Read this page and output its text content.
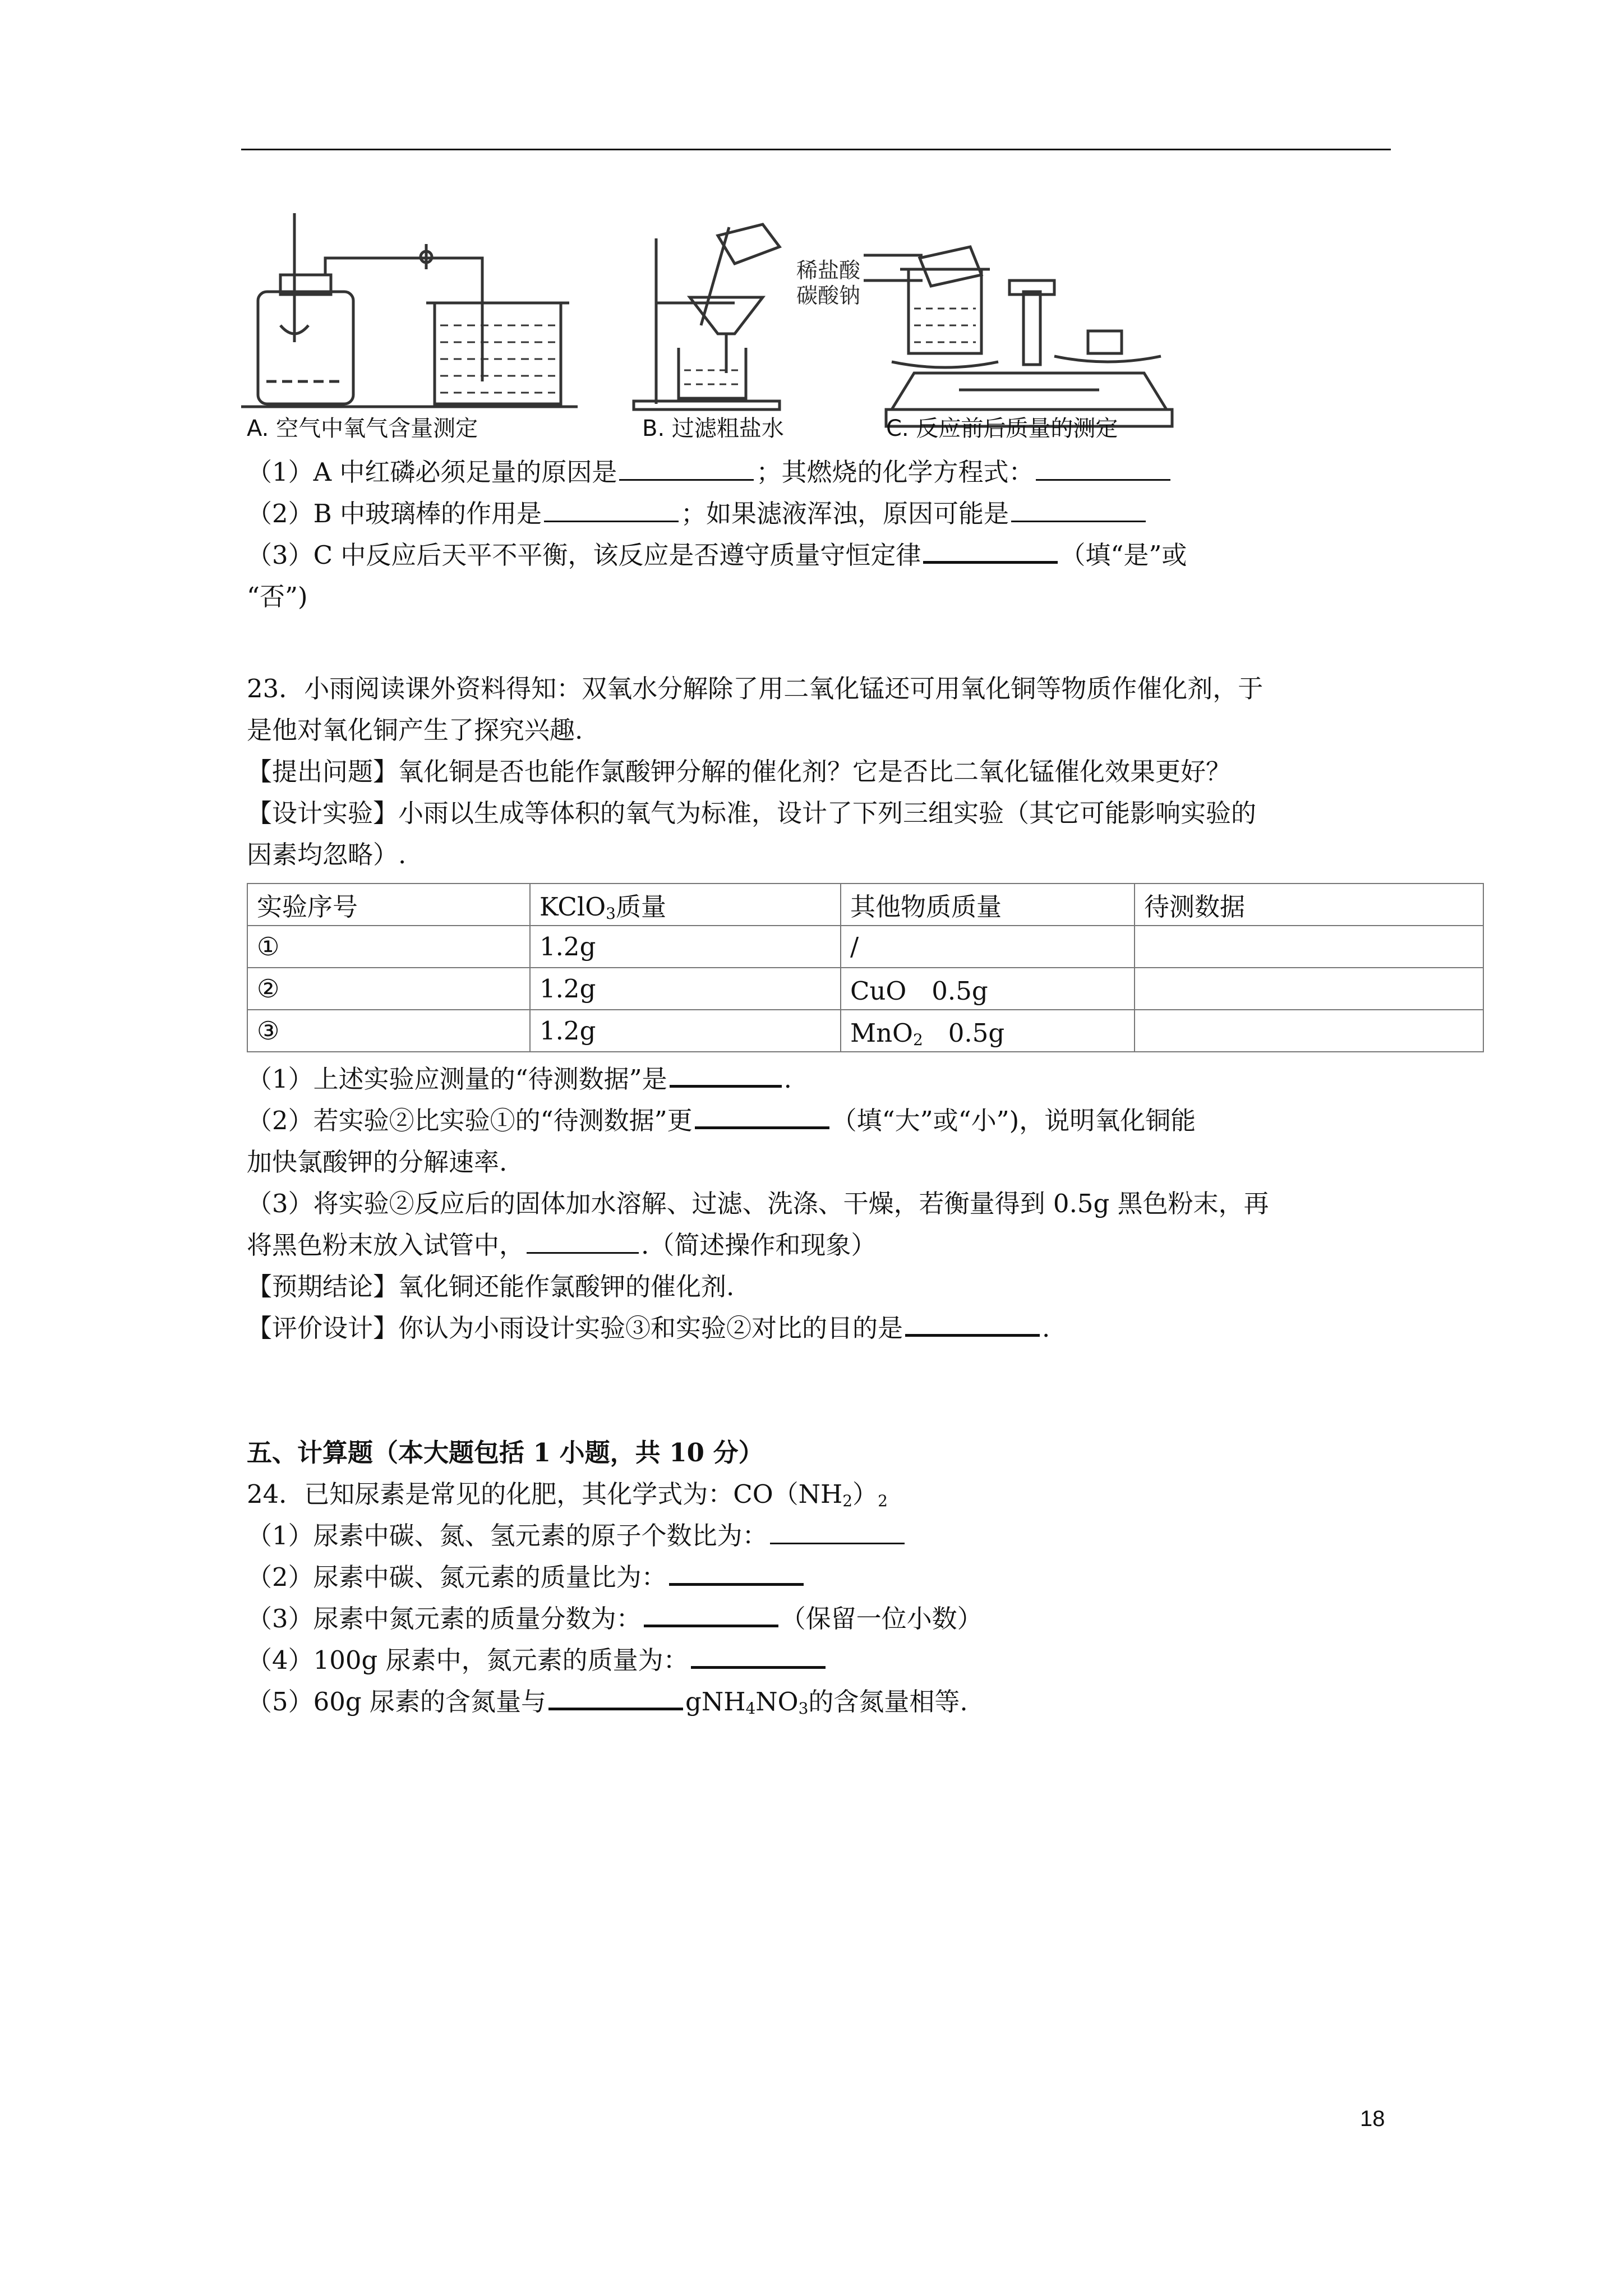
稀盐酸
碳酸钠
A. 空气中氧气含量测定	B. 过滤粗盐水	C. 反应前后质量的测定
（1）A 中红磷必须足量的原因是	；其燃烧的化学方程式：
（2）B 中玻璃棒的作用是	；如果滤液浑浊，原因可能是
（3）C 中反应后天平不平衡，该反应是否遵守质量守恒定律	（填“是”或
“否”)
23．小雨阅读课外资料得知：双氧水分解除了用二氧化锰还可用氧化铜等物质作催化剂，于
是他对氧化铜产生了探究兴趣.
【提出问题】氧化铜是否也能作氯酸钾分解的催化剂？它是否比二氧化锰催化效果更好？
【设计实验】小雨以生成等体积的氧气为标准，设计了下列三组实验（其它可能影响实验的
因素均忽略）.
实验序号	KClO$_3$质量	其他物质质量	待测数据
①	1.2g	/	
②	1.2g	CuO　0.5g	
③	1.2g	MnO$_2$　0.5g	
（1）上述实验应测量的“待测数据”是	.
（2）若实验②比实验①的“待测数据”更	（填“大”或“小”)，说明氧化铜能
加快氯酸钾的分解速率.
（3）将实验②反应后的固体加水溶解、过滤、洗涤、干燥，若衡量得到 0.5g 黑色粉末，再
将黑色粉末放入试管中，	.（简述操作和现象）
【预期结论】氧化铜还能作氯酸钾的催化剂.
【评价设计】你认为小雨设计实验③和实验②对比的目的是	.
五、计算题（本大题包括 1 小题，共 10 分）
24．已知尿素是常见的化肥，其化学式为：$CO(NH_2)_2$
（1）尿素中碳、氮、氢元素的原子个数比为：
（2）尿素中碳、氮元素的质量比为：
（3）尿素中氮元素的质量分数为：	（保留一位小数）
（4）100g 尿素中，氮元素的质量为：
（5）60g 尿素的含氮量与	$gNH_4NO_3$的含氮量相等.
18
